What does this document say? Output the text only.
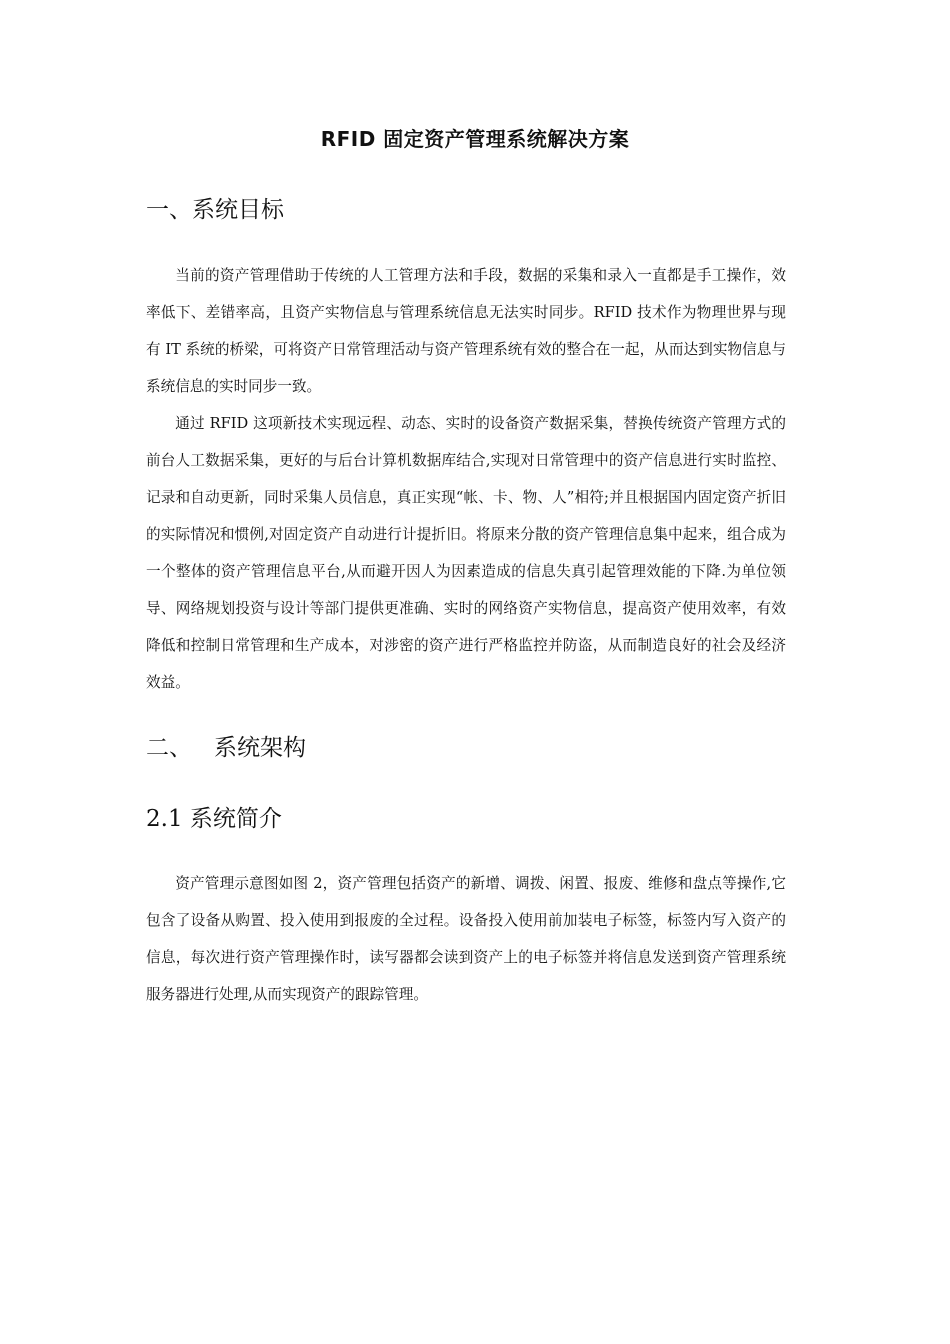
RFID 固定资产管理系统解决方案
一、系统目标

当前的资产管理借助于传统的人工管理方法和手段，数据的采集和录入一直都是手工操作，效率低下、差错率高，且资产实物信息与管理系统信息无法实时同步。RFID 技术作为物理世界与现有 IT 系统的桥梁，可将资产日常管理活动与资产管理系统有效的整合在一起，从而达到实物信息与系统信息的实时同步一致。

通过 RFID 这项新技术实现远程、动态、实时的设备资产数据采集，替换传统资产管理方式的前台人工数据采集，更好的与后台计算机数据库结合,实现对日常管理中的资产信息进行实时监控、记录和自动更新，同时采集人员信息，真正实现“帐、卡、物、人”相符;并且根据国内固定资产折旧的实际情况和惯例,对固定资产自动进行计提折旧。将原来分散的资产管理信息集中起来，组合成为一个整体的资产管理信息平台,从而避开因人为因素造成的信息失真引起管理效能的下降.为单位领导、网络规划投资与设计等部门提供更准确、实时的网络资产实物信息，提高资产使用效率，有效降低和控制日常管理和生产成本，对涉密的资产进行严格监控并防盗，从而制造良好的社会及经济效益。

二、 系统架构
2.1 系统简介

资产管理示意图如图 2，资产管理包括资产的新增、调拨、闲置、报废、维修和盘点等操作,它包含了设备从购置、投入使用到报废的全过程。设备投入使用前加装电子标签，标签内写入资产的信息，每次进行资产管理操作时，读写器都会读到资产上的电子标签并将信息发送到资产管理系统服务器进行处理,从而实现资产的跟踪管理。
